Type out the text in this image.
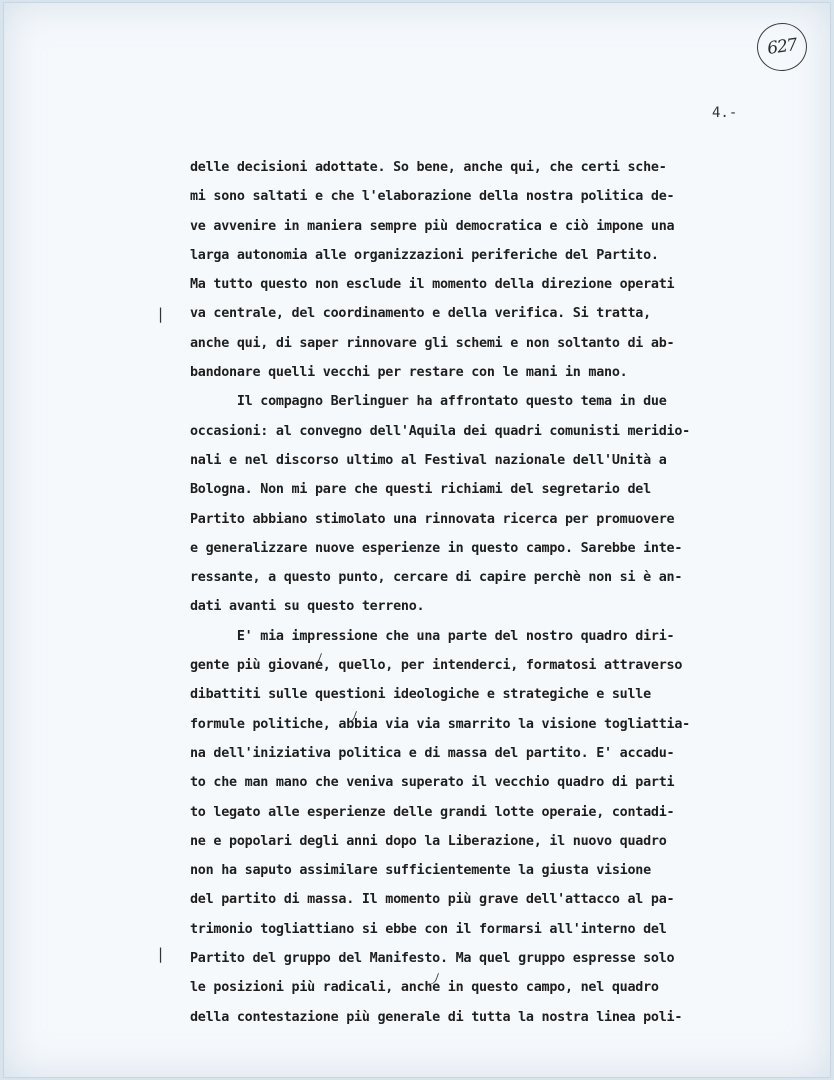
627
4.-
|
|
delle decisioni adottate. So bene, anche qui, che certi sche-
mi sono saltati e che l'elaborazione della nostra politica de-
ve avvenire in maniera sempre più democratica e ciò impone una
larga autonomia alle organizzazioni periferiche del Partito.
Ma tutto questo non esclude il momento della direzione operati
va centrale, del coordinamento e della verifica. Si tratta,
anche qui, di saper rinnovare gli schemi e non soltanto di ab-
bandonare quelli vecchi per restare con le mani in mano.
Il compagno Berlinguer ha affrontato questo tema in due
occasioni: al convegno dell'Aquila dei quadri comunisti meridio-
nali e nel discorso ultimo al Festival nazionale dell'Unità a
Bologna. Non mi pare che questi richiami del segretario del
Partito abbiano stimolato una rinnovata ricerca per promuovere
e generalizzare nuove esperienze in questo campo. Sarebbe inte-
ressante, a questo punto, cercare di capire perchè non si è an-
dati avanti su questo terreno.
E' mia impressione che una parte del nostro quadro diri-
gente più giovane, quello, per intenderci, formatosi attraverso
dibattiti sulle questioni ideologiche e strategiche e sulle
formule politiche, abbia via via smarrito la visione togliattia-
na dell'iniziativa politica e di massa del partito. E' accadu-
to che man mano che veniva superato il vecchio quadro di parti
to legato alle esperienze delle grandi lotte operaie, contadi-
ne e popolari degli anni dopo la Liberazione, il nuovo quadro
non ha saputo assimilare sufficientemente la giusta visione
del partito di massa. Il momento più grave dell'attacco al pa-
trimonio togliattiano si ebbe con il formarsi all'interno del
Partito del gruppo del Manifesto. Ma quel gruppo espresse solo
le posizioni più radicali, anche in questo campo, nel quadro
della contestazione più generale di tutta la nostra linea poli-
